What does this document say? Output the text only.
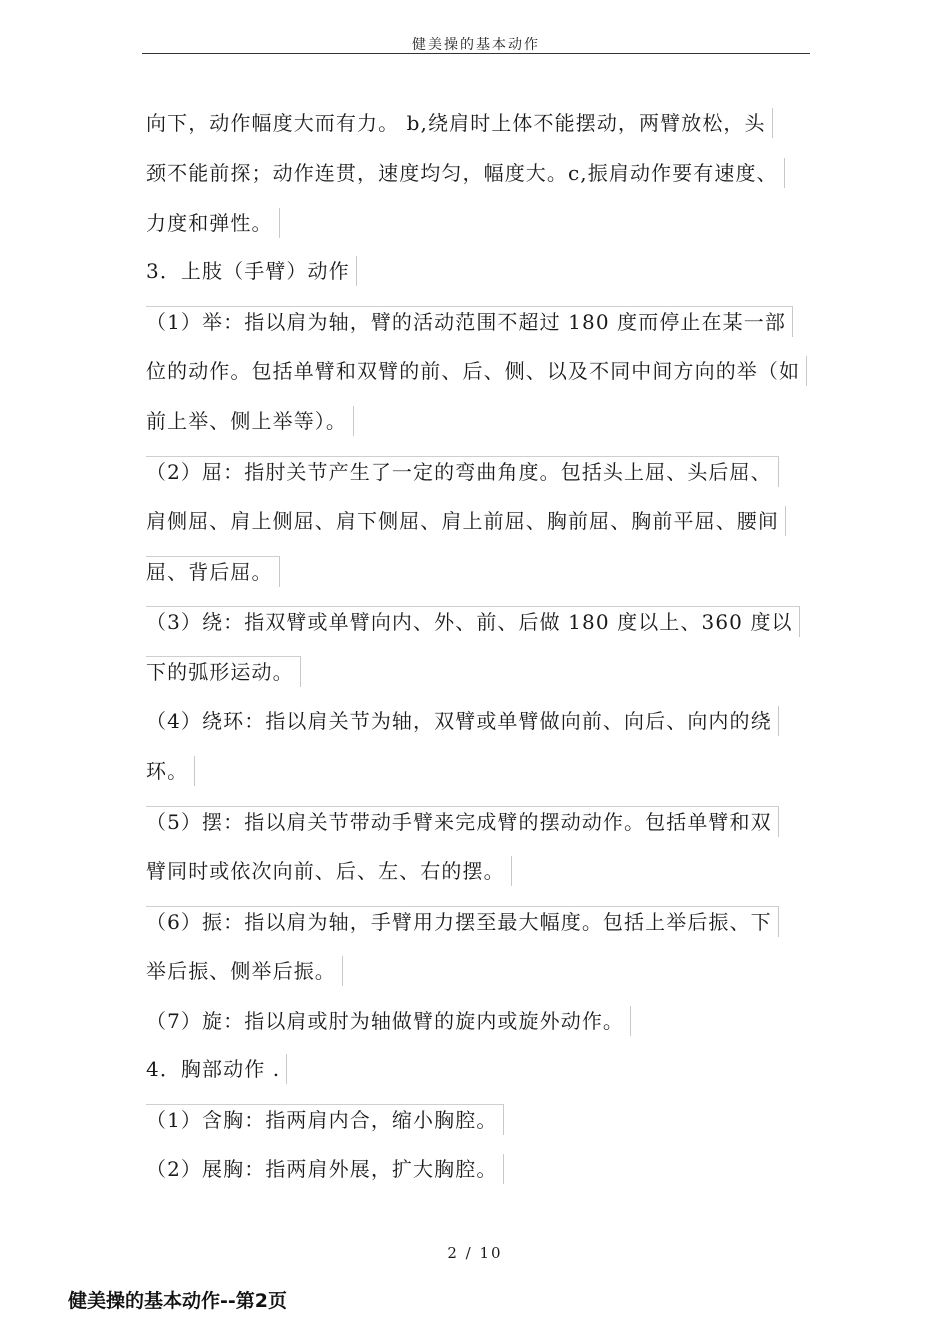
健美操的基本动作
向下，动作幅度大而有力。 b,绕肩时上体不能摆动，两臂放松，头
颈不能前探；动作连贯，速度均匀，幅度大。c,振肩动作要有速度、
力度和弹性。
3．上肢（手臂）动作
（1）举：指以肩为轴，臂的活动范围不超过 180 度而停止在某一部
位的动作。包括单臂和双臂的前、后、侧、以及不同中间方向的举（如
前上举、侧上举等）。
（2）屈：指肘关节产生了一定的弯曲角度。包括头上屈、头后屈、
肩侧屈、肩上侧屈、肩下侧屈、肩上前屈、胸前屈、胸前平屈、腰间
屈、背后屈。
（3）绕：指双臂或单臂向内、外、前、后做 180 度以上、360 度以
下的弧形运动。
（4）绕环：指以肩关节为轴，双臂或单臂做向前、向后、向内的绕
环。
（5）摆：指以肩关节带动手臂来完成臂的摆动动作。包括单臂和双
臂同时或依次向前、后、左、右的摆。
（6）振：指以肩为轴，手臂用力摆至最大幅度。包括上举后振、下
举后振、侧举后振。
（7）旋：指以肩或肘为轴做臂的旋内或旋外动作。
4．胸部动作 .
（1）含胸：指两肩内合，缩小胸腔。
（2）展胸：指两肩外展，扩大胸腔。
2 / 10
健美操的基本动作--第2页
